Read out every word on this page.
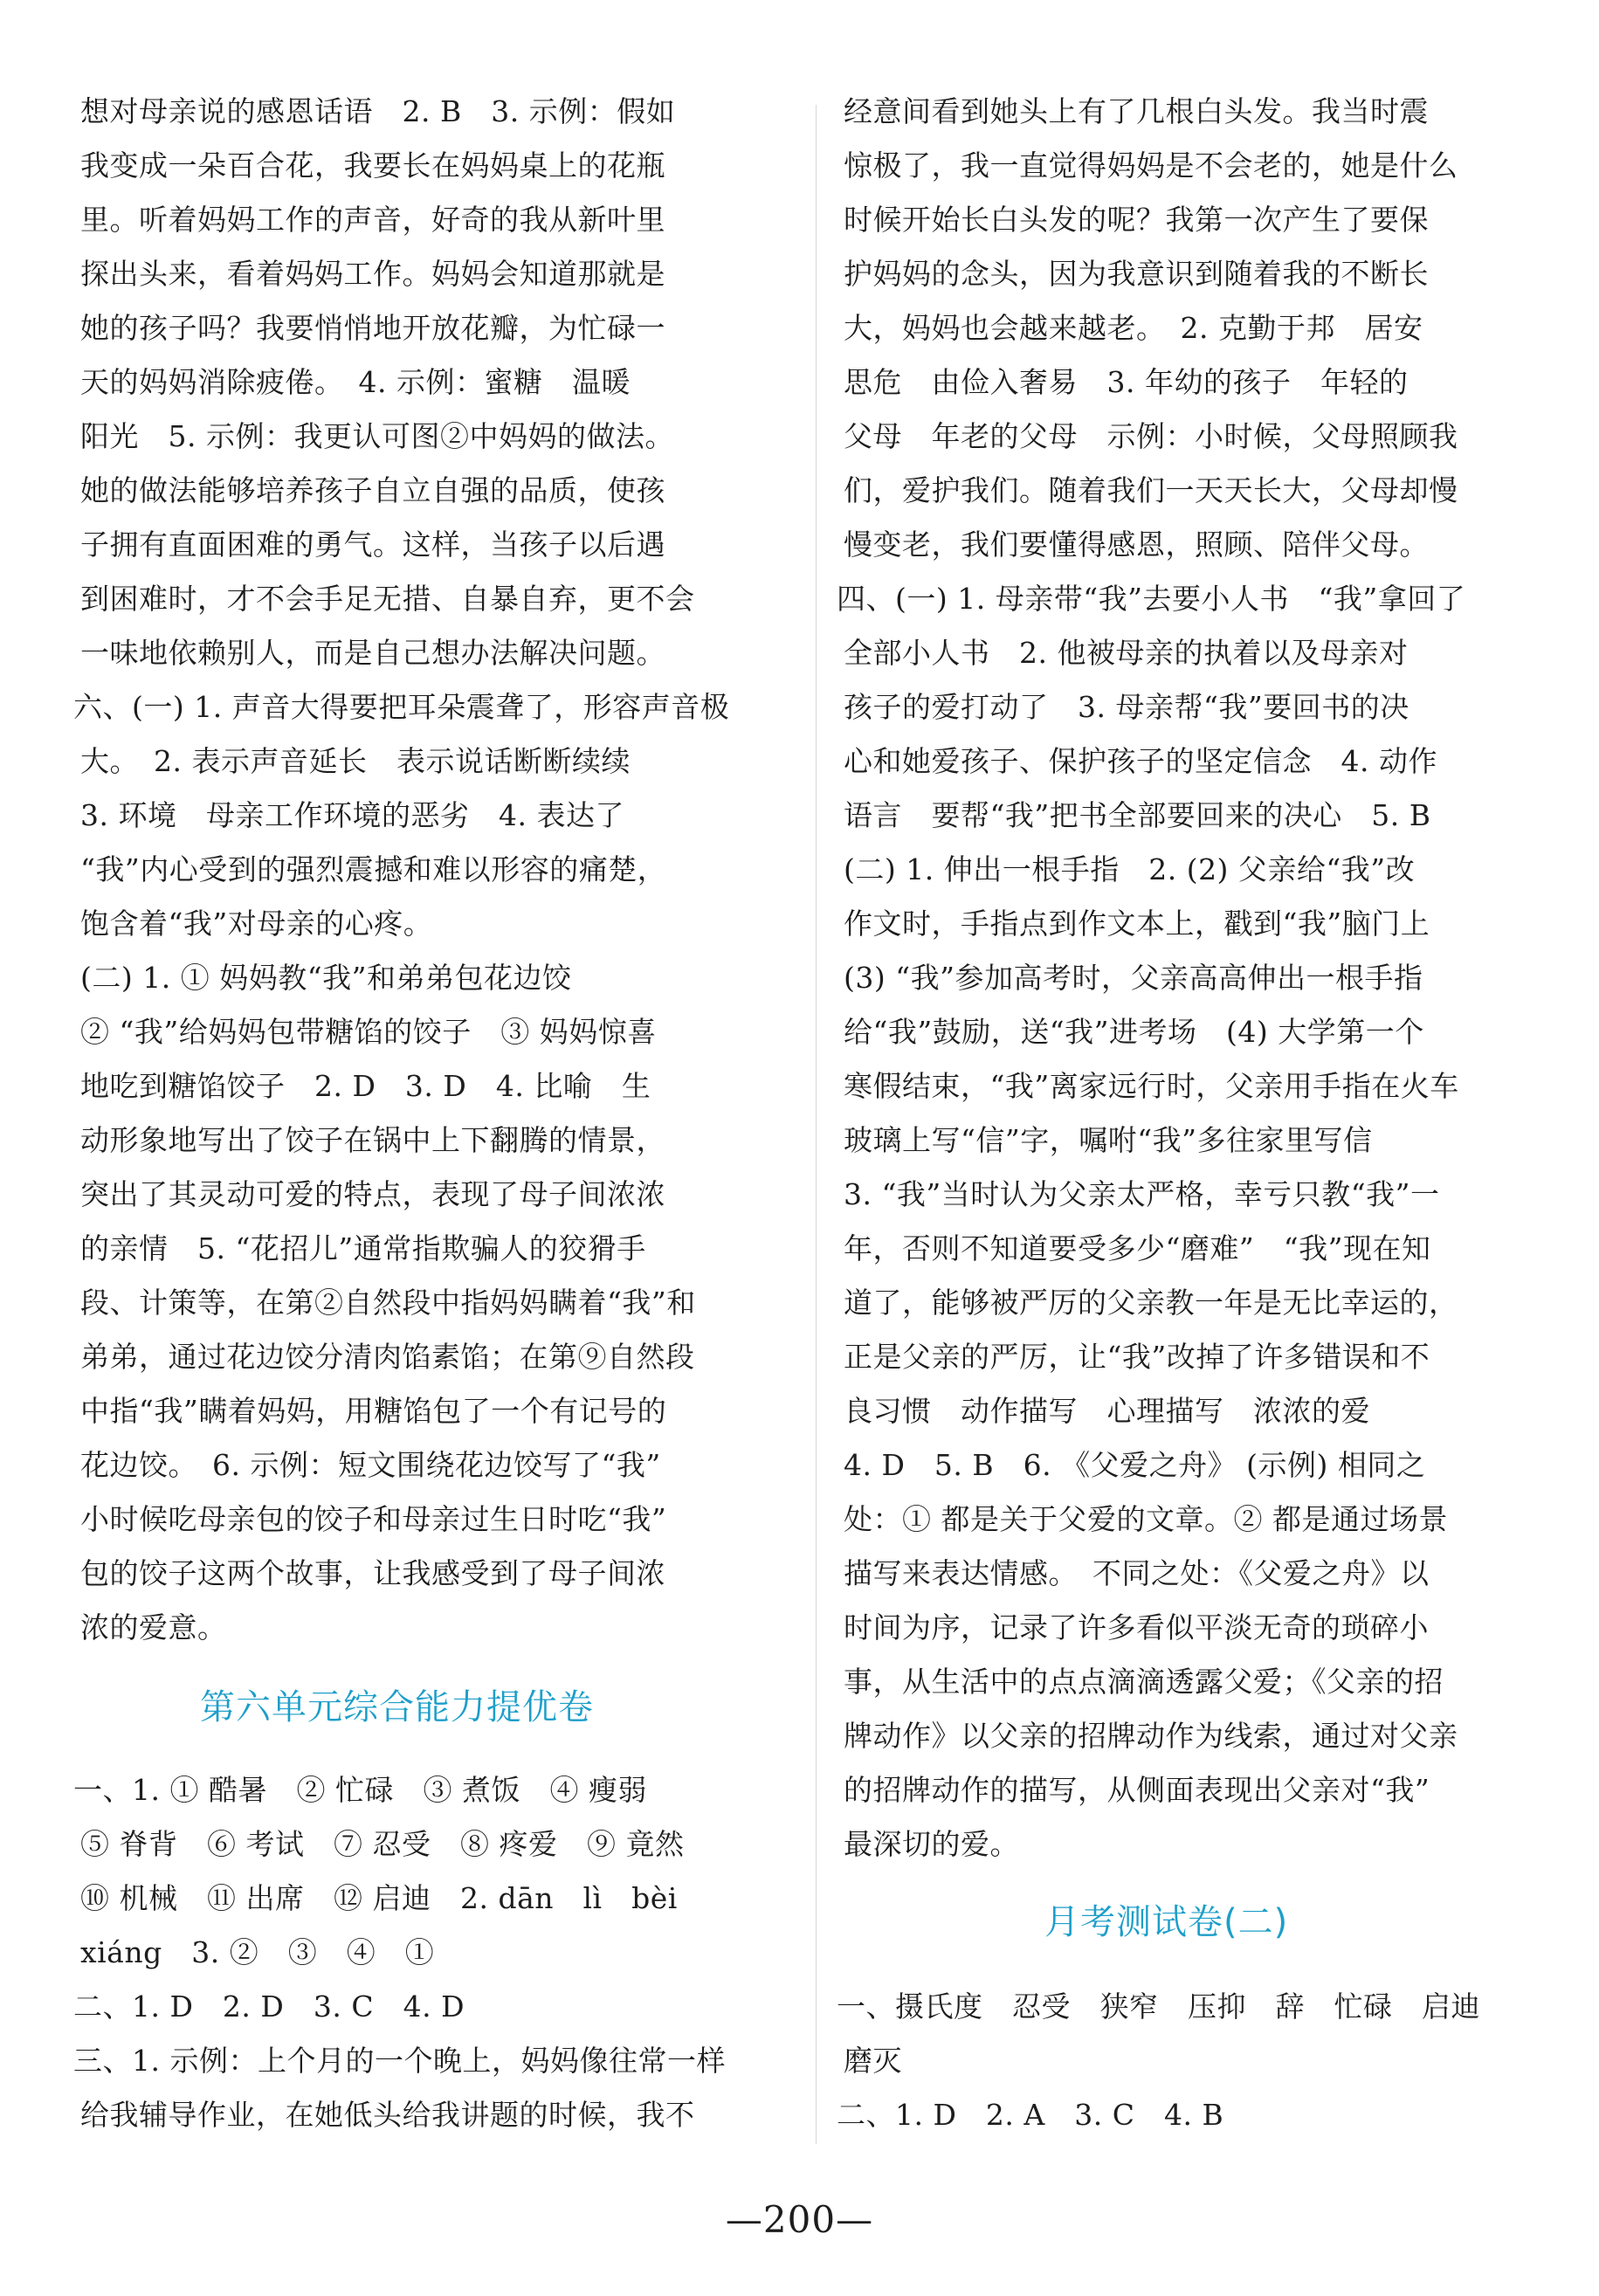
想对母亲说的感恩话语　2. B　3. 示例：假如
我变成一朵百合花，我要长在妈妈桌上的花瓶
里。听着妈妈工作的声音，好奇的我从新叶里
探出头来，看着妈妈工作。妈妈会知道那就是
她的孩子吗？我要悄悄地开放花瓣，为忙碌一
天的妈妈消除疲倦。　4. 示例：蜜糖　温暖
阳光　5. 示例：我更认可图②中妈妈的做法。
她的做法能够培养孩子自立自强的品质，使孩
子拥有直面困难的勇气。这样，当孩子以后遇
到困难时，才不会手足无措、自暴自弃，更不会
一味地依赖别人，而是自己想办法解决问题。
六、(一) 1. 声音大得要把耳朵震聋了，形容声音极
大。　2. 表示声音延长　表示说话断断续续
3. 环境　母亲工作环境的恶劣　4. 表达了
“我”内心受到的强烈震撼和难以形容的痛楚，
饱含着“我”对母亲的心疼。
(二) 1. ① 妈妈教“我”和弟弟包花边饺
② “我”给妈妈包带糖馅的饺子　③ 妈妈惊喜
地吃到糖馅饺子　2. D　3. D　4. 比喻　生
动形象地写出了饺子在锅中上下翻腾的情景，
突出了其灵动可爱的特点，表现了母子间浓浓
的亲情　5. “花招儿”通常指欺骗人的狡猾手
段、计策等，在第②自然段中指妈妈瞒着“我”和
弟弟，通过花边饺分清肉馅素馅；在第⑨自然段
中指“我”瞒着妈妈，用糖馅包了一个有记号的
花边饺。　6. 示例：短文围绕花边饺写了“我”
小时候吃母亲包的饺子和母亲过生日时吃“我”
包的饺子这两个故事，让我感受到了母子间浓
浓的爱意。
第六单元综合能力提优卷
一、1. ① 酷暑　② 忙碌　③ 煮饭　④ 瘦弱
⑤ 脊背　⑥ 考试　⑦ 忍受　⑧ 疼爱　⑨ 竟然
⑩ 机械　⑪ 出席　⑫ 启迪　2. dān　lì　bèi
xiáng　3. ②　③　④　①
二、1. D　2. D　3. C　4. D
三、1. 示例：上个月的一个晚上，妈妈像往常一样
给我辅导作业，在她低头给我讲题的时候，我不
经意间看到她头上有了几根白头发。我当时震
惊极了，我一直觉得妈妈是不会老的，她是什么
时候开始长白头发的呢？我第一次产生了要保
护妈妈的念头，因为我意识到随着我的不断长
大，妈妈也会越来越老。　2. 克勤于邦　居安
思危　由俭入奢易　3. 年幼的孩子　年轻的
父母　年老的父母　示例：小时候，父母照顾我
们，爱护我们。随着我们一天天长大，父母却慢
慢变老，我们要懂得感恩，照顾、陪伴父母。
四、(一) 1. 母亲带“我”去要小人书　“我”拿回了
全部小人书　2. 他被母亲的执着以及母亲对
孩子的爱打动了　3. 母亲帮“我”要回书的决
心和她爱孩子、保护孩子的坚定信念　4. 动作
语言　要帮“我”把书全部要回来的决心　5. B
(二) 1. 伸出一根手指　2. (2) 父亲给“我”改
作文时，手指点到作文本上，戳到“我”脑门上
(3) “我”参加高考时，父亲高高伸出一根手指
给“我”鼓励，送“我”进考场　(4) 大学第一个
寒假结束，“我”离家远行时，父亲用手指在火车
玻璃上写“信”字，嘱咐“我”多往家里写信
3. “我”当时认为父亲太严格，幸亏只教“我”一
年，否则不知道要受多少“磨难”　“我”现在知
道了，能够被严厉的父亲教一年是无比幸运的，
正是父亲的严厉，让“我”改掉了许多错误和不
良习惯　动作描写　心理描写　浓浓的爱
4. D　5. B　6. 《父爱之舟》 (示例) 相同之
处：① 都是关于父爱的文章。② 都是通过场景
描写来表达情感。　不同之处：《父爱之舟》以
时间为序，记录了许多看似平淡无奇的琐碎小
事，从生活中的点点滴滴透露父爱；《父亲的招
牌动作》以父亲的招牌动作为线索，通过对父亲
的招牌动作的描写，从侧面表现出父亲对“我”
最深切的爱。
月考测试卷(二)
一、摄氏度　忍受　狭窄　压抑　辞　忙碌　启迪
磨灭
二、1. D　2. A　3. C　4. B
—200—
